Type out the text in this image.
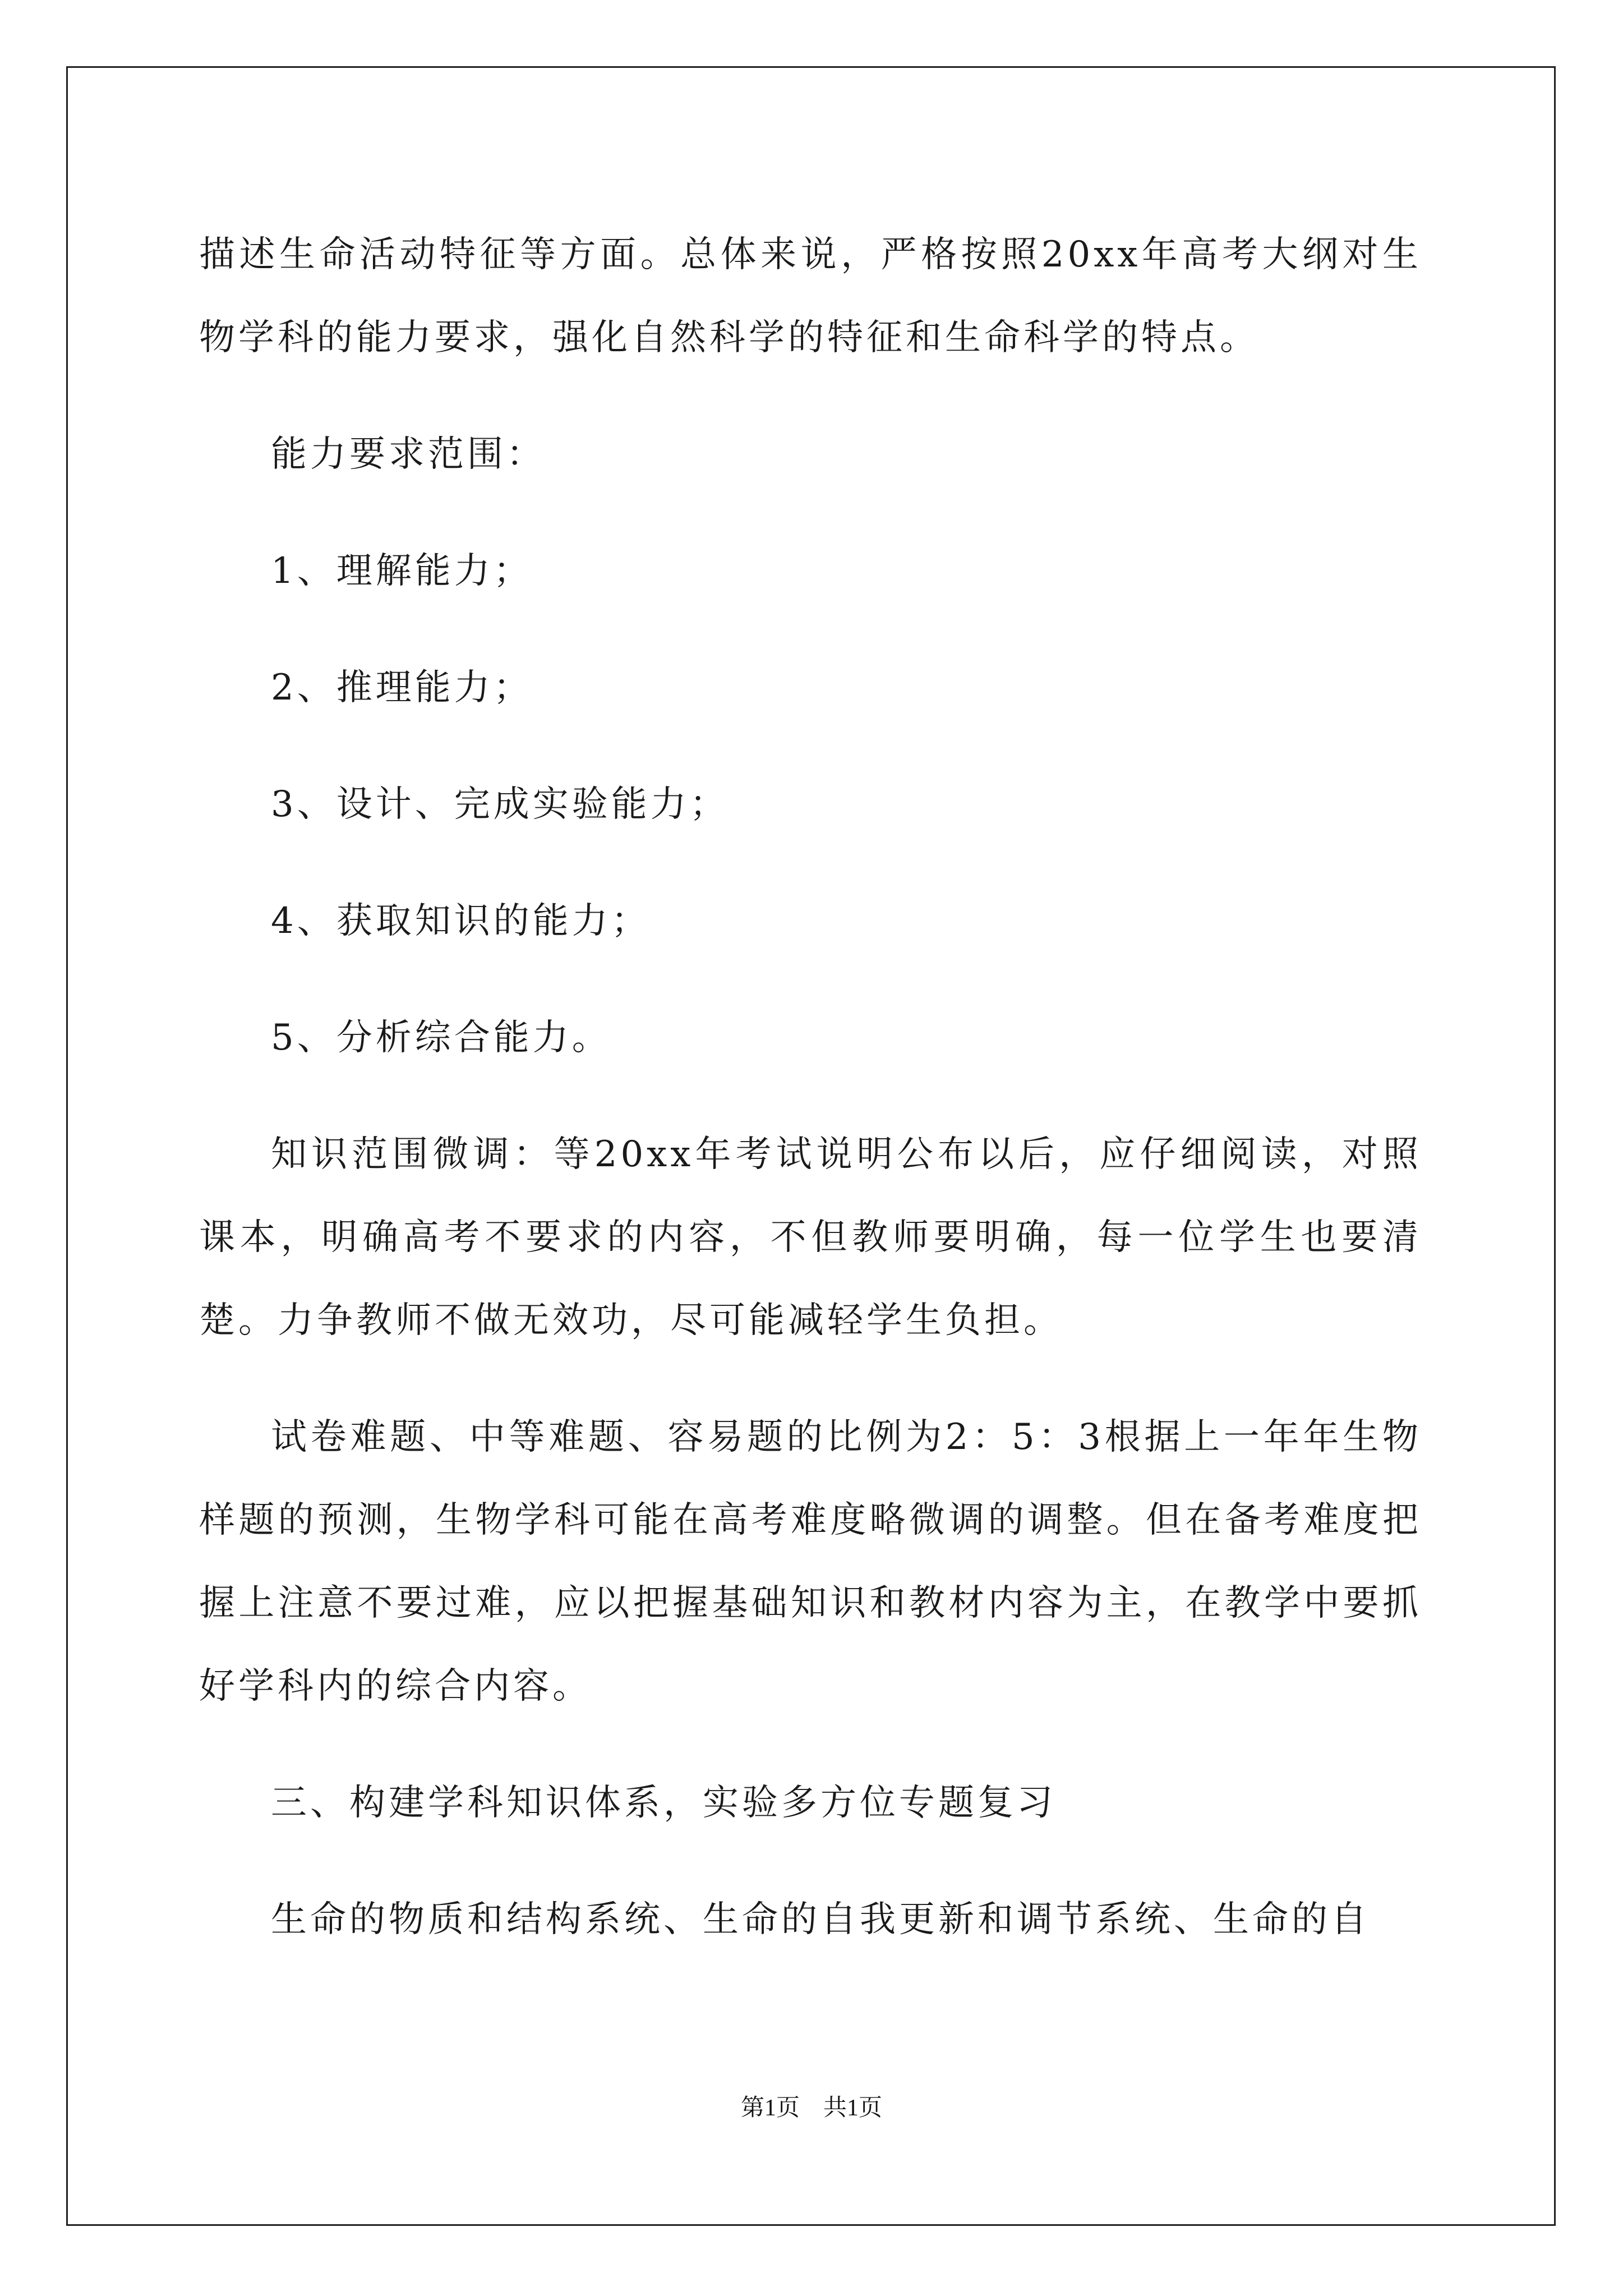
描述生命活动特征等方面。总体来说，严格按照20xx年高考大纲对生物学科的能力要求，强化自然科学的特征和生命科学的特点。

能力要求范围：

1、理解能力；

2、推理能力；

3、设计、完成实验能力；

4、获取知识的能力；

5、分析综合能力。

知识范围微调：等20xx年考试说明公布以后，应仔细阅读，对照课本，明确高考不要求的内容，不但教师要明确，每一位学生也要清楚。力争教师不做无效功，尽可能减轻学生负担。

试卷难题、中等难题、容易题的比例为2：5：3根据上一年年生物样题的预测，生物学科可能在高考难度略微调的调整。但在备考难度把握上注意不要过难，应以把握基础知识和教材内容为主，在教学中要抓好学科内的综合内容。

三、构建学科知识体系，实验多方位专题复习

生命的物质和结构系统、生命的自我更新和调节系统、生命的自

第1页　共1页
